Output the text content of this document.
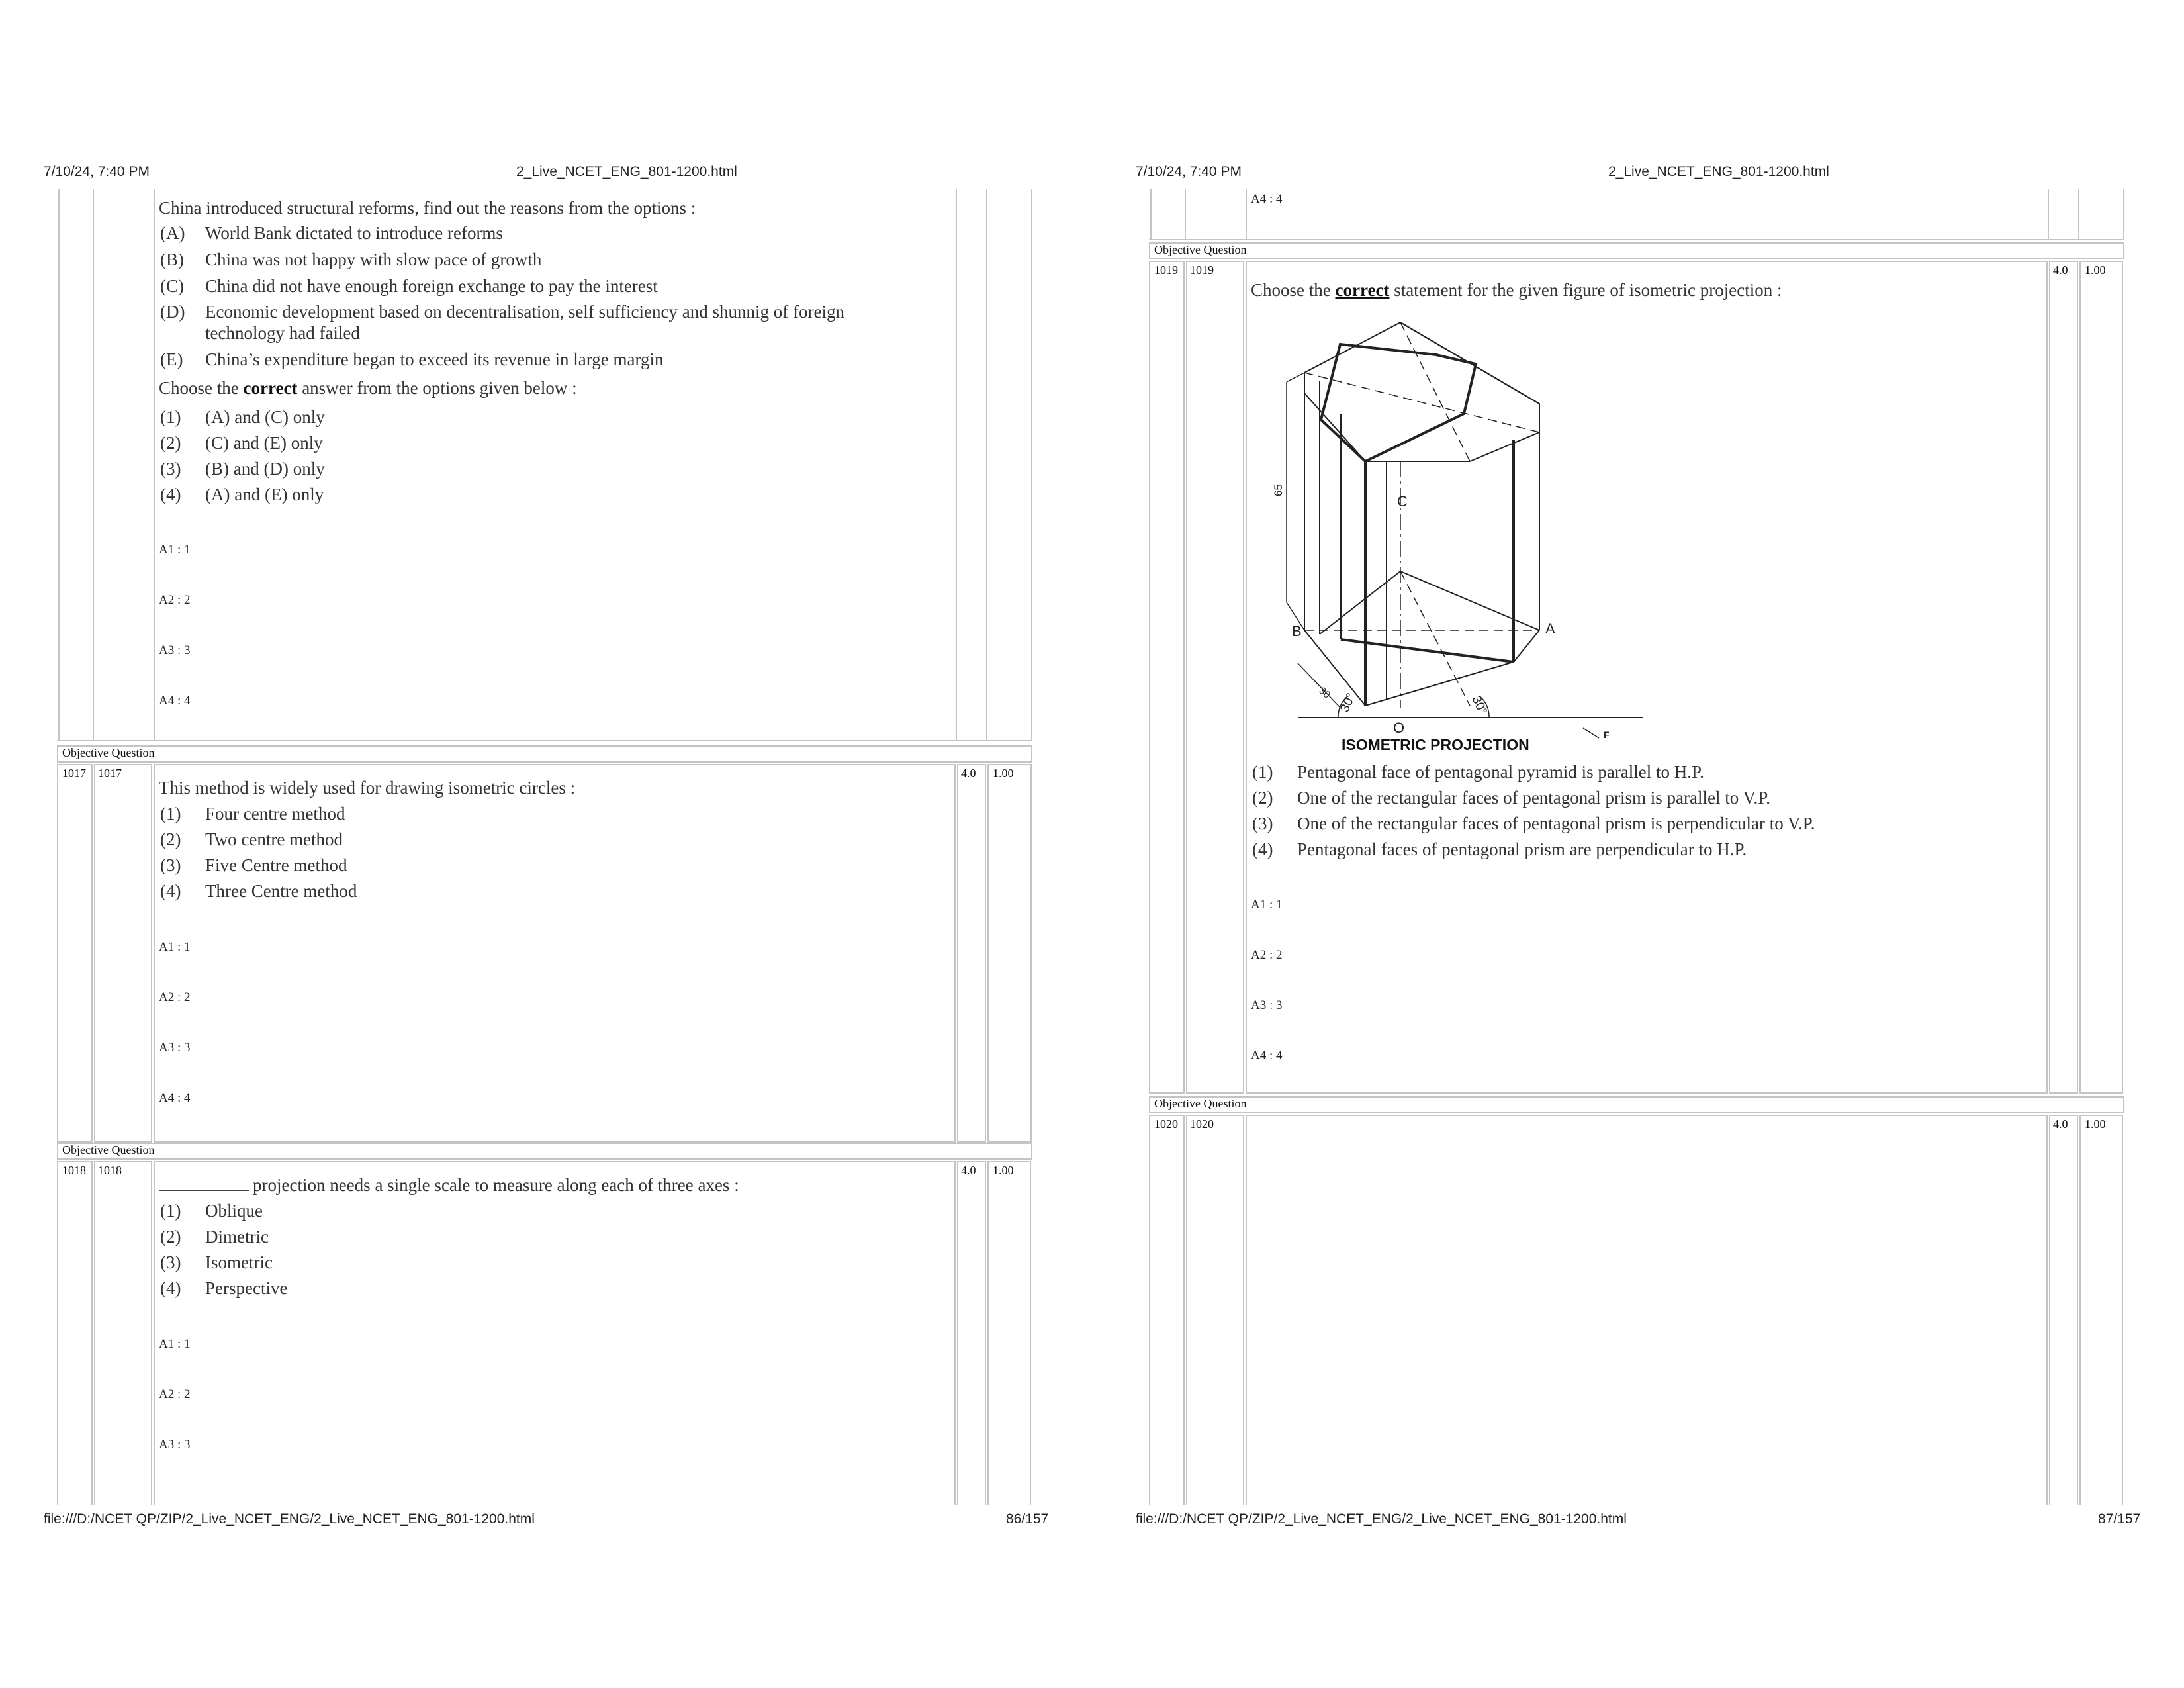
7/10/24, 7:40 PM	2_Live_NCET_ENG_801-1200.html
China introduced structural reforms, find out the reasons from the options :
(A) World Bank dictated to introduce reforms
(B) China was not happy with slow pace of growth
(C) China did not have enough foreign exchange to pay the interest
(D) Economic development based on decentralisation, self sufficiency and shunnig of foreign
technology had failed
(E) China’s expenditure began to exceed its revenue in large margin
Choose the correct answer from the options given below :
(1) (A) and (C) only
(2) (C) and (E) only
(3) (B) and (D) only
(4) (A) and (E) only
A1 : 1
A2 : 2
A3 : 3
A4 : 4
Objective Question
1017 1017	4.0 1.00
This method is widely used for drawing isometric circles :
(1) Four centre method
(2) Two centre method
(3) Five Centre method
(4) Three Centre method
A1 : 1
A2 : 2
A3 : 3
A4 : 4
Objective Question
1018 1018	4.0 1.00
projection needs a single scale to measure along each of three axes :
(1) Oblique
(2) Dimetric
(3) Isometric
(4) Perspective
A1 : 1
A2 : 2
A3 : 3
file:///D:/NCET QP/ZIP/2_Live_NCET_ENG/2_Live_NCET_ENG_801-1200.html	86/157
7/10/24, 7:40 PM	2_Live_NCET_ENG_801-1200.html
A4 : 4
Objective Question
1019 1019	4.0 1.00
Choose the correct statement for the given figure of isometric projection :
65
30 30°	30°
C
B	A
O	F
ISOMETRIC PROJECTION
(1) Pentagonal face of pentagonal pyramid is parallel to H.P.
(2) One of the rectangular faces of pentagonal prism is parallel to V.P.
(3) One of the rectangular faces of pentagonal prism is perpendicular to V.P.
(4) Pentagonal faces of pentagonal prism are perpendicular to H.P.
A1 : 1
A2 : 2
A3 : 3
A4 : 4
Objective Question
1020 1020	4.0 1.00
file:///D:/NCET QP/ZIP/2_Live_NCET_ENG/2_Live_NCET_ENG_801-1200.html	87/157
